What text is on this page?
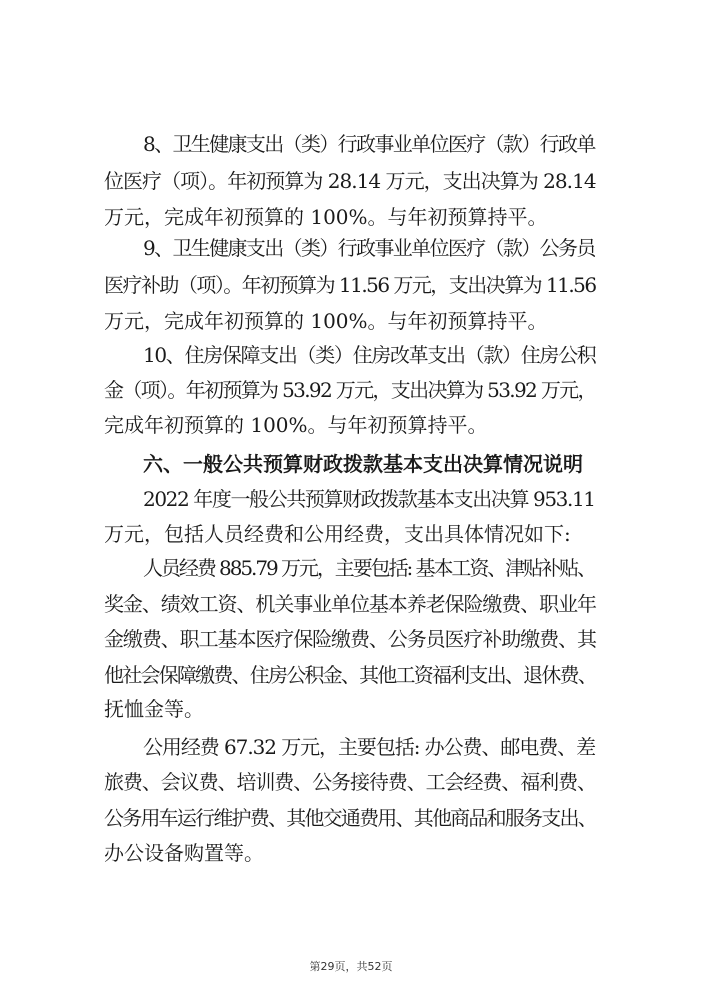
8、卫生健康支出（类）行政事业单位医疗（款）行政单
位医疗（项）。年初预算为 28.14 万元，支出决算为 28.14
万元，完成年初预算的 100%。与年初预算持平。
9、卫生健康支出（类）行政事业单位医疗（款）公务员
医疗补助（项）。年初预算为 11.56 万元，支出决算为 11.56
万元，完成年初预算的 100%。与年初预算持平。
10、住房保障支出（类）住房改革支出（款）住房公积
金（项）。年初预算为 53.92 万元，支出决算为 53.92 万元，
完成年初预算的 100%。与年初预算持平。
六、一般公共预算财政拨款基本支出决算情况说明
2022 年度一般公共预算财政拨款基本支出决算 953.11
万元，包括人员经费和公用经费，支出具体情况如下:
人员经费 885.79 万元，主要包括: 基本工资、津贴补贴、
奖金、绩效工资、机关事业单位基本养老保险缴费、职业年
金缴费、职工基本医疗保险缴费、公务员医疗补助缴费、其
他社会保障缴费、住房公积金、其他工资福利支出、退休费、
抚恤金等。
公用经费 67.32 万元，主要包括: 办公费、邮电费、差
旅费、会议费、培训费、公务接待费、工会经费、福利费、
公务用车运行维护费、其他交通费用、其他商品和服务支出、
办公设备购置等。
第29页，共52页
